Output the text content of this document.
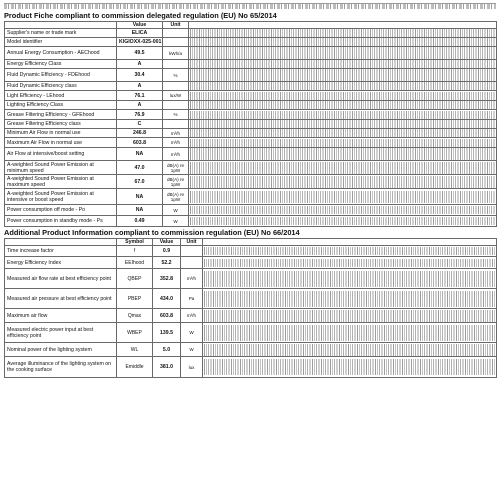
Product Fiche compliant to commission delegated regulation (EU) No 65/2014
	Value	Unit	
Supplier's name or trade mark	ELICA		

Model identifier	KIGIOXX-025-001		

Annual Energy Consumption - AEChood	49.5	kWh/a	

Energy Efficiency Class	A		

Fluid Dynamic Efficiency - FDEhood	30.4	%	

Fluid Dynamic Efficiency class	A		

Light Efficiency - LEhood	76.1	lux/W	

Lighting Efficiency Class	A		

Grease Filtering Efficiency - GFEhood	76.9	%	

Grease Filtering Efficiency class	C		

Minimum Air Flow in normal use	246.8	m³/h	

Maximum Air Flow in normal use	603.8	m³/h	

Air Flow at intensive/boost setting	NA	m³/h	

A-weighted Sound Power Emission at minimum speed	47.0	dB(A) re 1pW	

A-weighted Sound Power Emission at maximum speed	67.0	dB(A) re 1pW	

A-weighted Sound Power Emission at intensive or boost speed	NA	dB(A) re 1pW	

Power consumption off mode - Po	NA	W	

Power consumption in standby mode - Ps	0.49	W	
Additional Product Information compliant to commission regulation (EU) No 66/2014
	Symbol	Value	Unit	
Time increase factor	f	0.9		

Energy Efficiency Index	EEIhood	52.2		

Measured air flow rate at best efficiency point	QBEP	352.8	m³/h	

Measured air pressure at best efficiency point	PBEP	434.0	Pa	

Maximum air flow	Qmax	603.8	m³/h	

Measured electric power input at best efficiency point	WBEP	139.5	W	

Nominal power of the lighting system	WL	5.0	W	

Average illuminance of the lighting system on the cooking surface	Emiddle	381.0	lux	
